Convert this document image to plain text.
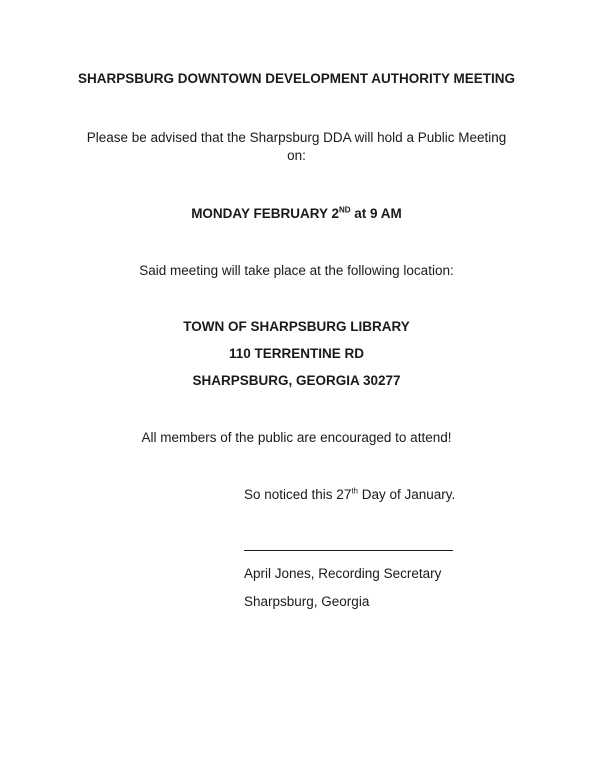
SHARPSBURG DOWNTOWN DEVELOPMENT AUTHORITY MEETING
Please be advised that the Sharpsburg DDA will hold a Public Meeting
on:
MONDAY FEBRUARY 2ND at 9 AM
Said meeting will take place at the following location:
TOWN OF SHARPSBURG LIBRARY
110 TERRENTINE RD
SHARPSBURG, GEORGIA 30277
All members of the public are encouraged to attend!
So noticed this 27th Day of January.
April Jones, Recording Secretary
Sharpsburg, Georgia
